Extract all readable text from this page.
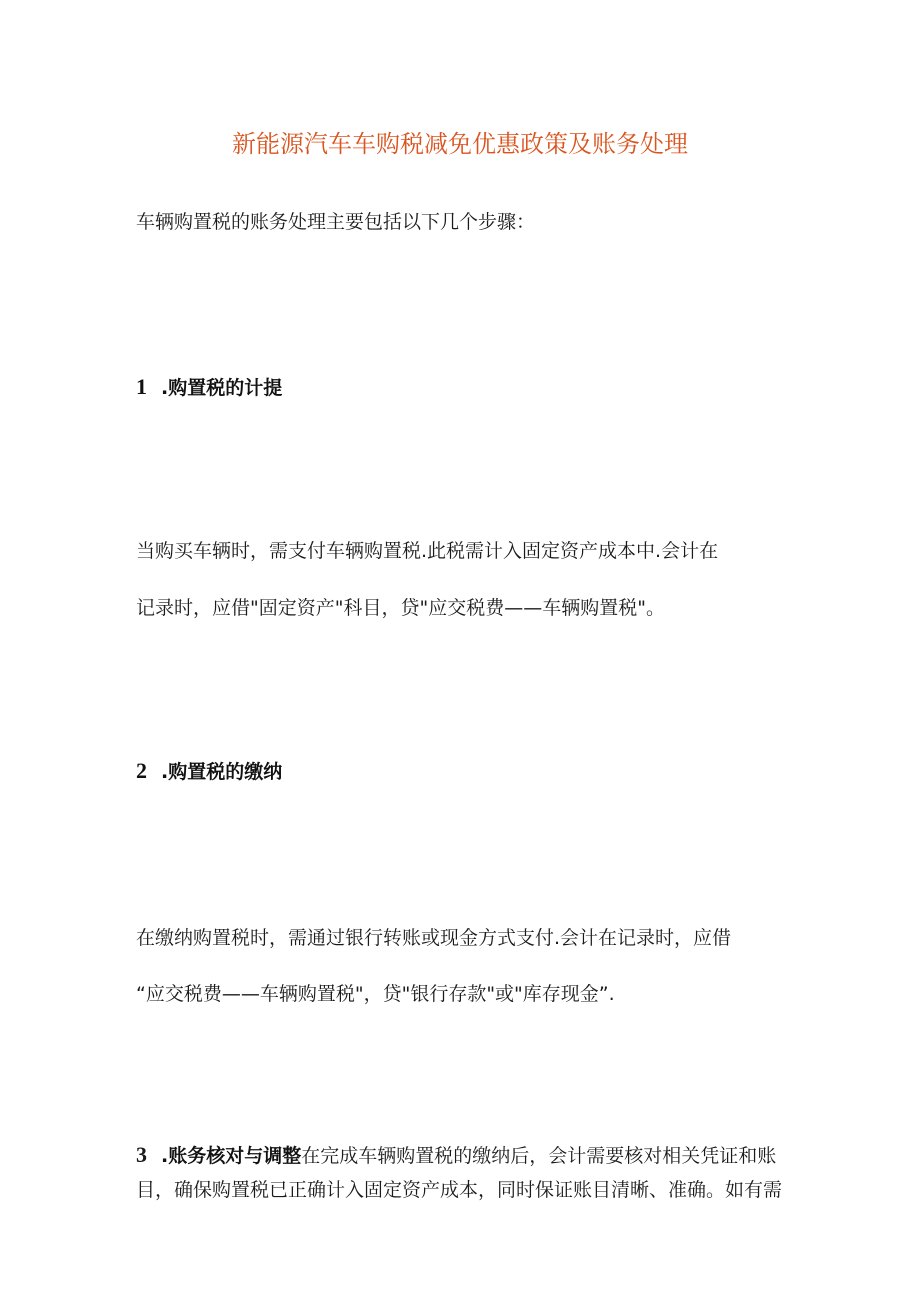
新能源汽车车购税减免优惠政策及账务处理
车辆购置税的账务处理主要包括以下几个步骤：
1 .购置税的计提
当购买车辆时，需支付车辆购置税.此税需计入固定资产成本中.会计在
记录时，应借"固定资产"科目，贷"应交税费——车辆购置税"。
2 .购置税的缴纳
在缴纳购置税时，需通过银行转账或现金方式支付.会计在记录时，应借
“应交税费——车辆购置税"，贷"银行存款"或"库存现金”.
3 .账务核对与调整在完成车辆购置税的缴纳后，会计需要核对相关凭证和账
目，确保购置税已正确计入固定资产成本，同时保证账目清晰、准确。如有需
